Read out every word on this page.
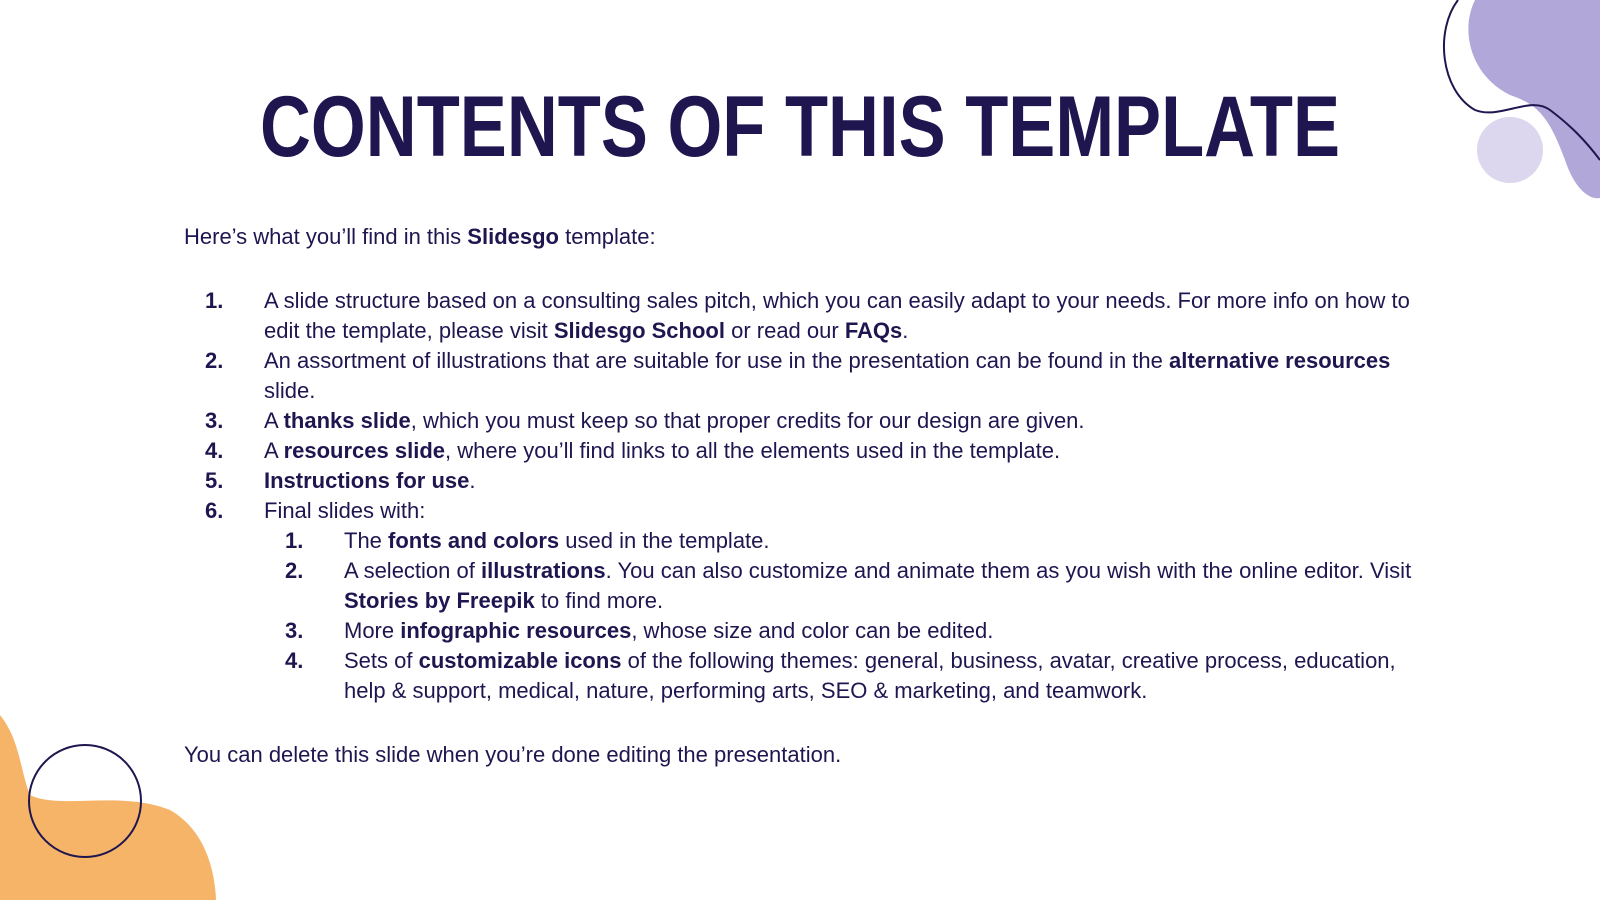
CONTENTS OF THIS TEMPLATE

Here’s what you’ll find in this Slidesgo template:

1. A slide structure based on a consulting sales pitch, which you can easily adapt to your needs. For more info on how to edit the template, please visit Slidesgo School or read our FAQs.
2. An assortment of illustrations that are suitable for use in the presentation can be found in the alternative resources slide.
3. A thanks slide, which you must keep so that proper credits for our design are given.
4. A resources slide, where you’ll find links to all the elements used in the template.
5. Instructions for use.
6. Final slides with:
1. The fonts and colors used in the template.
2. A selection of illustrations. You can also customize and animate them as you wish with the online editor. Visit Stories by Freepik to find more.
3. More infographic resources, whose size and color can be edited.
4. Sets of customizable icons of the following themes: general, business, avatar, creative process, education, help & support, medical, nature, performing arts, SEO & marketing, and teamwork.

You can delete this slide when you’re done editing the presentation.
